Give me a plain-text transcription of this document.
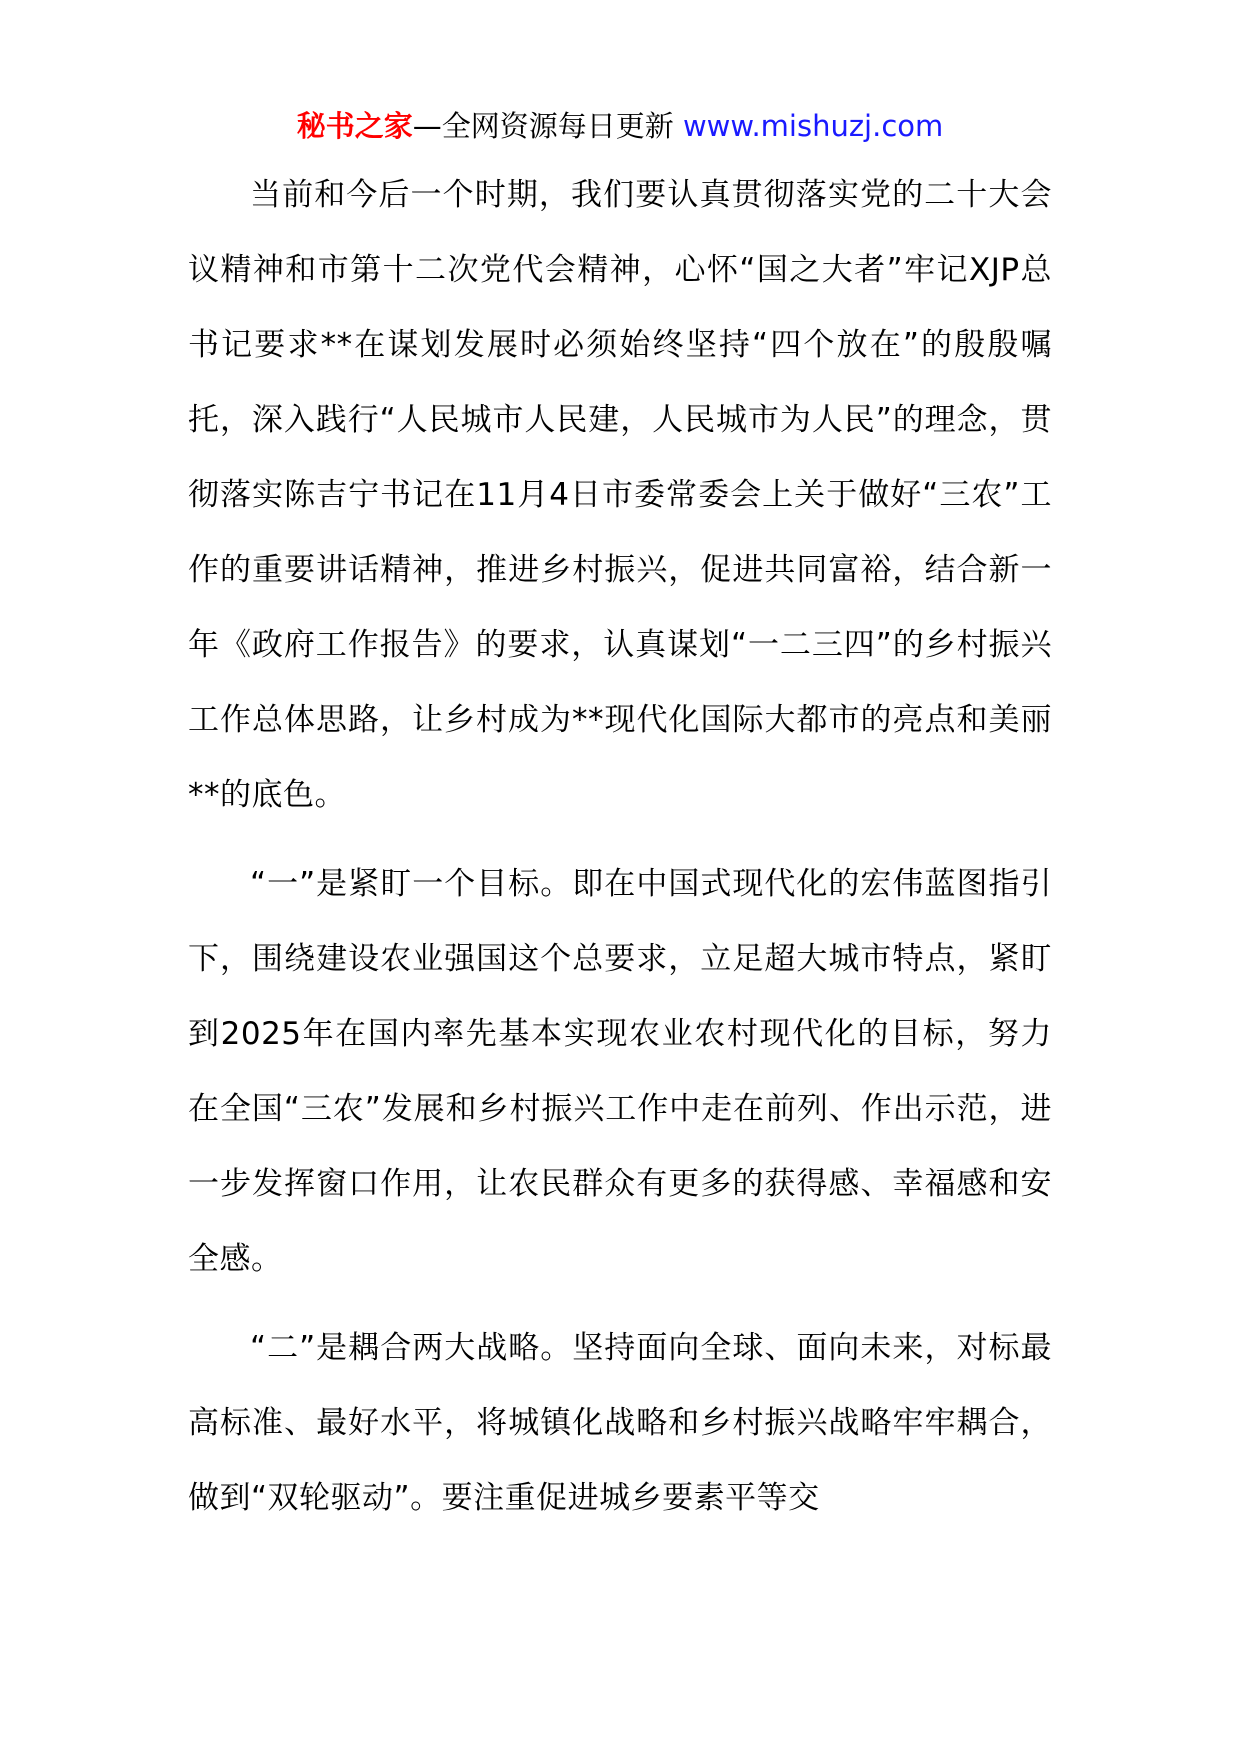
秘书之家—全网资源每日更新 www.mishuzj.com

当前和今后一个时期，我们要认真贯彻落实党的二十大会议精神和市第十二次党代会精神，心怀“国之大者”牢记XJP总书记要求**在谋划发展时必须始终坚持“四个放在”的殷殷嘱托，深入践行“人民城市人民建，人民城市为人民”的理念，贯彻落实陈吉宁书记在11月4日市委常委会上关于做好“三农”工作的重要讲话精神，推进乡村振兴，促进共同富裕，结合新一年《政府工作报告》的要求，认真谋划“一二三四”的乡村振兴工作总体思路，让乡村成为**现代化国际大都市的亮点和美丽**的底色。

“一”是紧盯一个目标。即在中国式现代化的宏伟蓝图指引下，围绕建设农业强国这个总要求，立足超大城市特点，紧盯到2025年在国内率先基本实现农业农村现代化的目标，努力在全国“三农”发展和乡村振兴工作中走在前列、作出示范，进一步发挥窗口作用，让农民群众有更多的获得感、幸福感和安全感。

“二”是耦合两大战略。坚持面向全球、面向未来，对标最高标准、最好水平，将城镇化战略和乡村振兴战略牢牢耦合，做到“双轮驱动”。要注重促进城乡要素平等交
